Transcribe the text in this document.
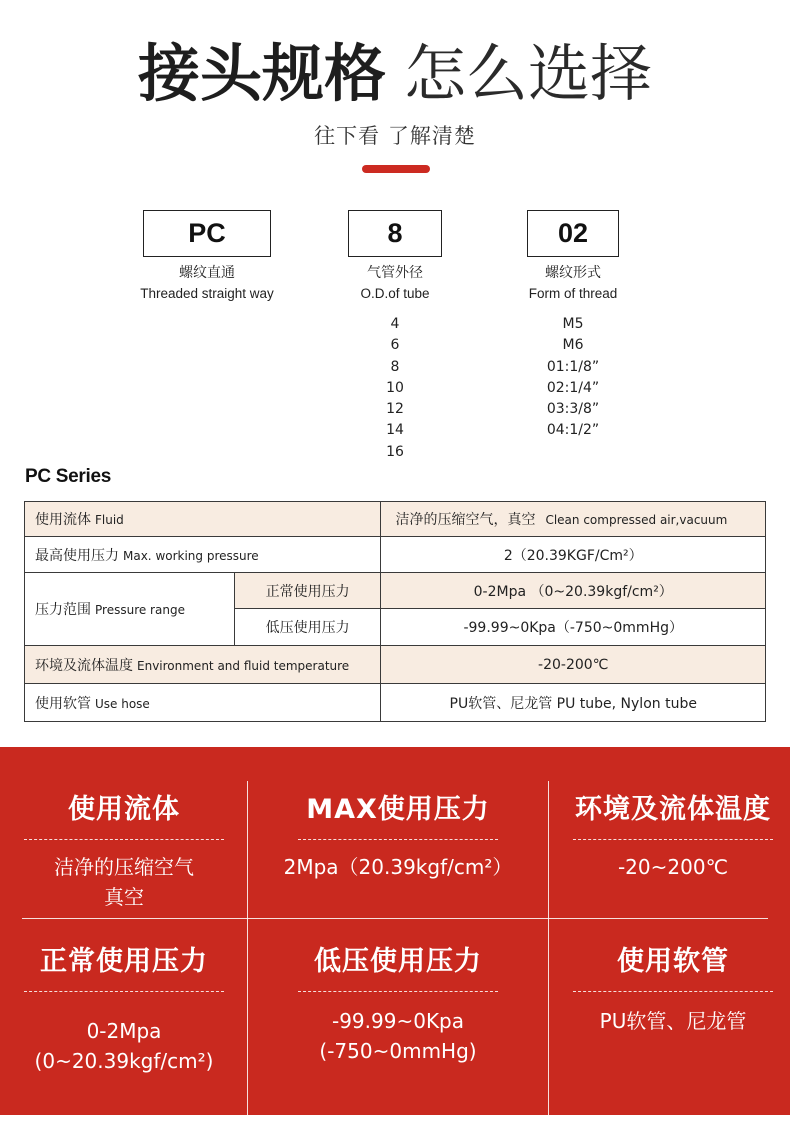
接头规格 怎么选择
往下看 了解清楚
PC
螺纹直通
Threaded straight way
8
气管外径
O.D.of tube
4
6
8
10
12
14
16
02
螺纹形式
Form of thread
M5
M6
01:1/8”
02:1/4”
03:3/8”
04:1/2”
PC Series
使用流体 Fluid		洁净的压缩空气，真空 Clean compressed air,vacuum
最高使用压力 Max. working pressure		2（20.39KGF/Cm²）
压力范围 Pressure range	正常使用压力	0-2Mpa （0~20.39kgf/cm²）
	低压使用压力	-99.99~0Kpa（-750~0mmHg）
环境及流体温度 Environment and fluid temperature		-20-200℃
使用软管 Use hose		PU软管、尼龙管 PU tube, Nylon tube
使用流体
洁净的压缩空气
真空
MAX使用压力
2Mpa（20.39kgf/cm²）
环境及流体温度
-20~200℃
正常使用压力
0-2Mpa
(0~20.39kgf/cm²)
低压使用压力
-99.99~0Kpa
(-750~0mmHg)
使用软管
PU软管、尼龙管
